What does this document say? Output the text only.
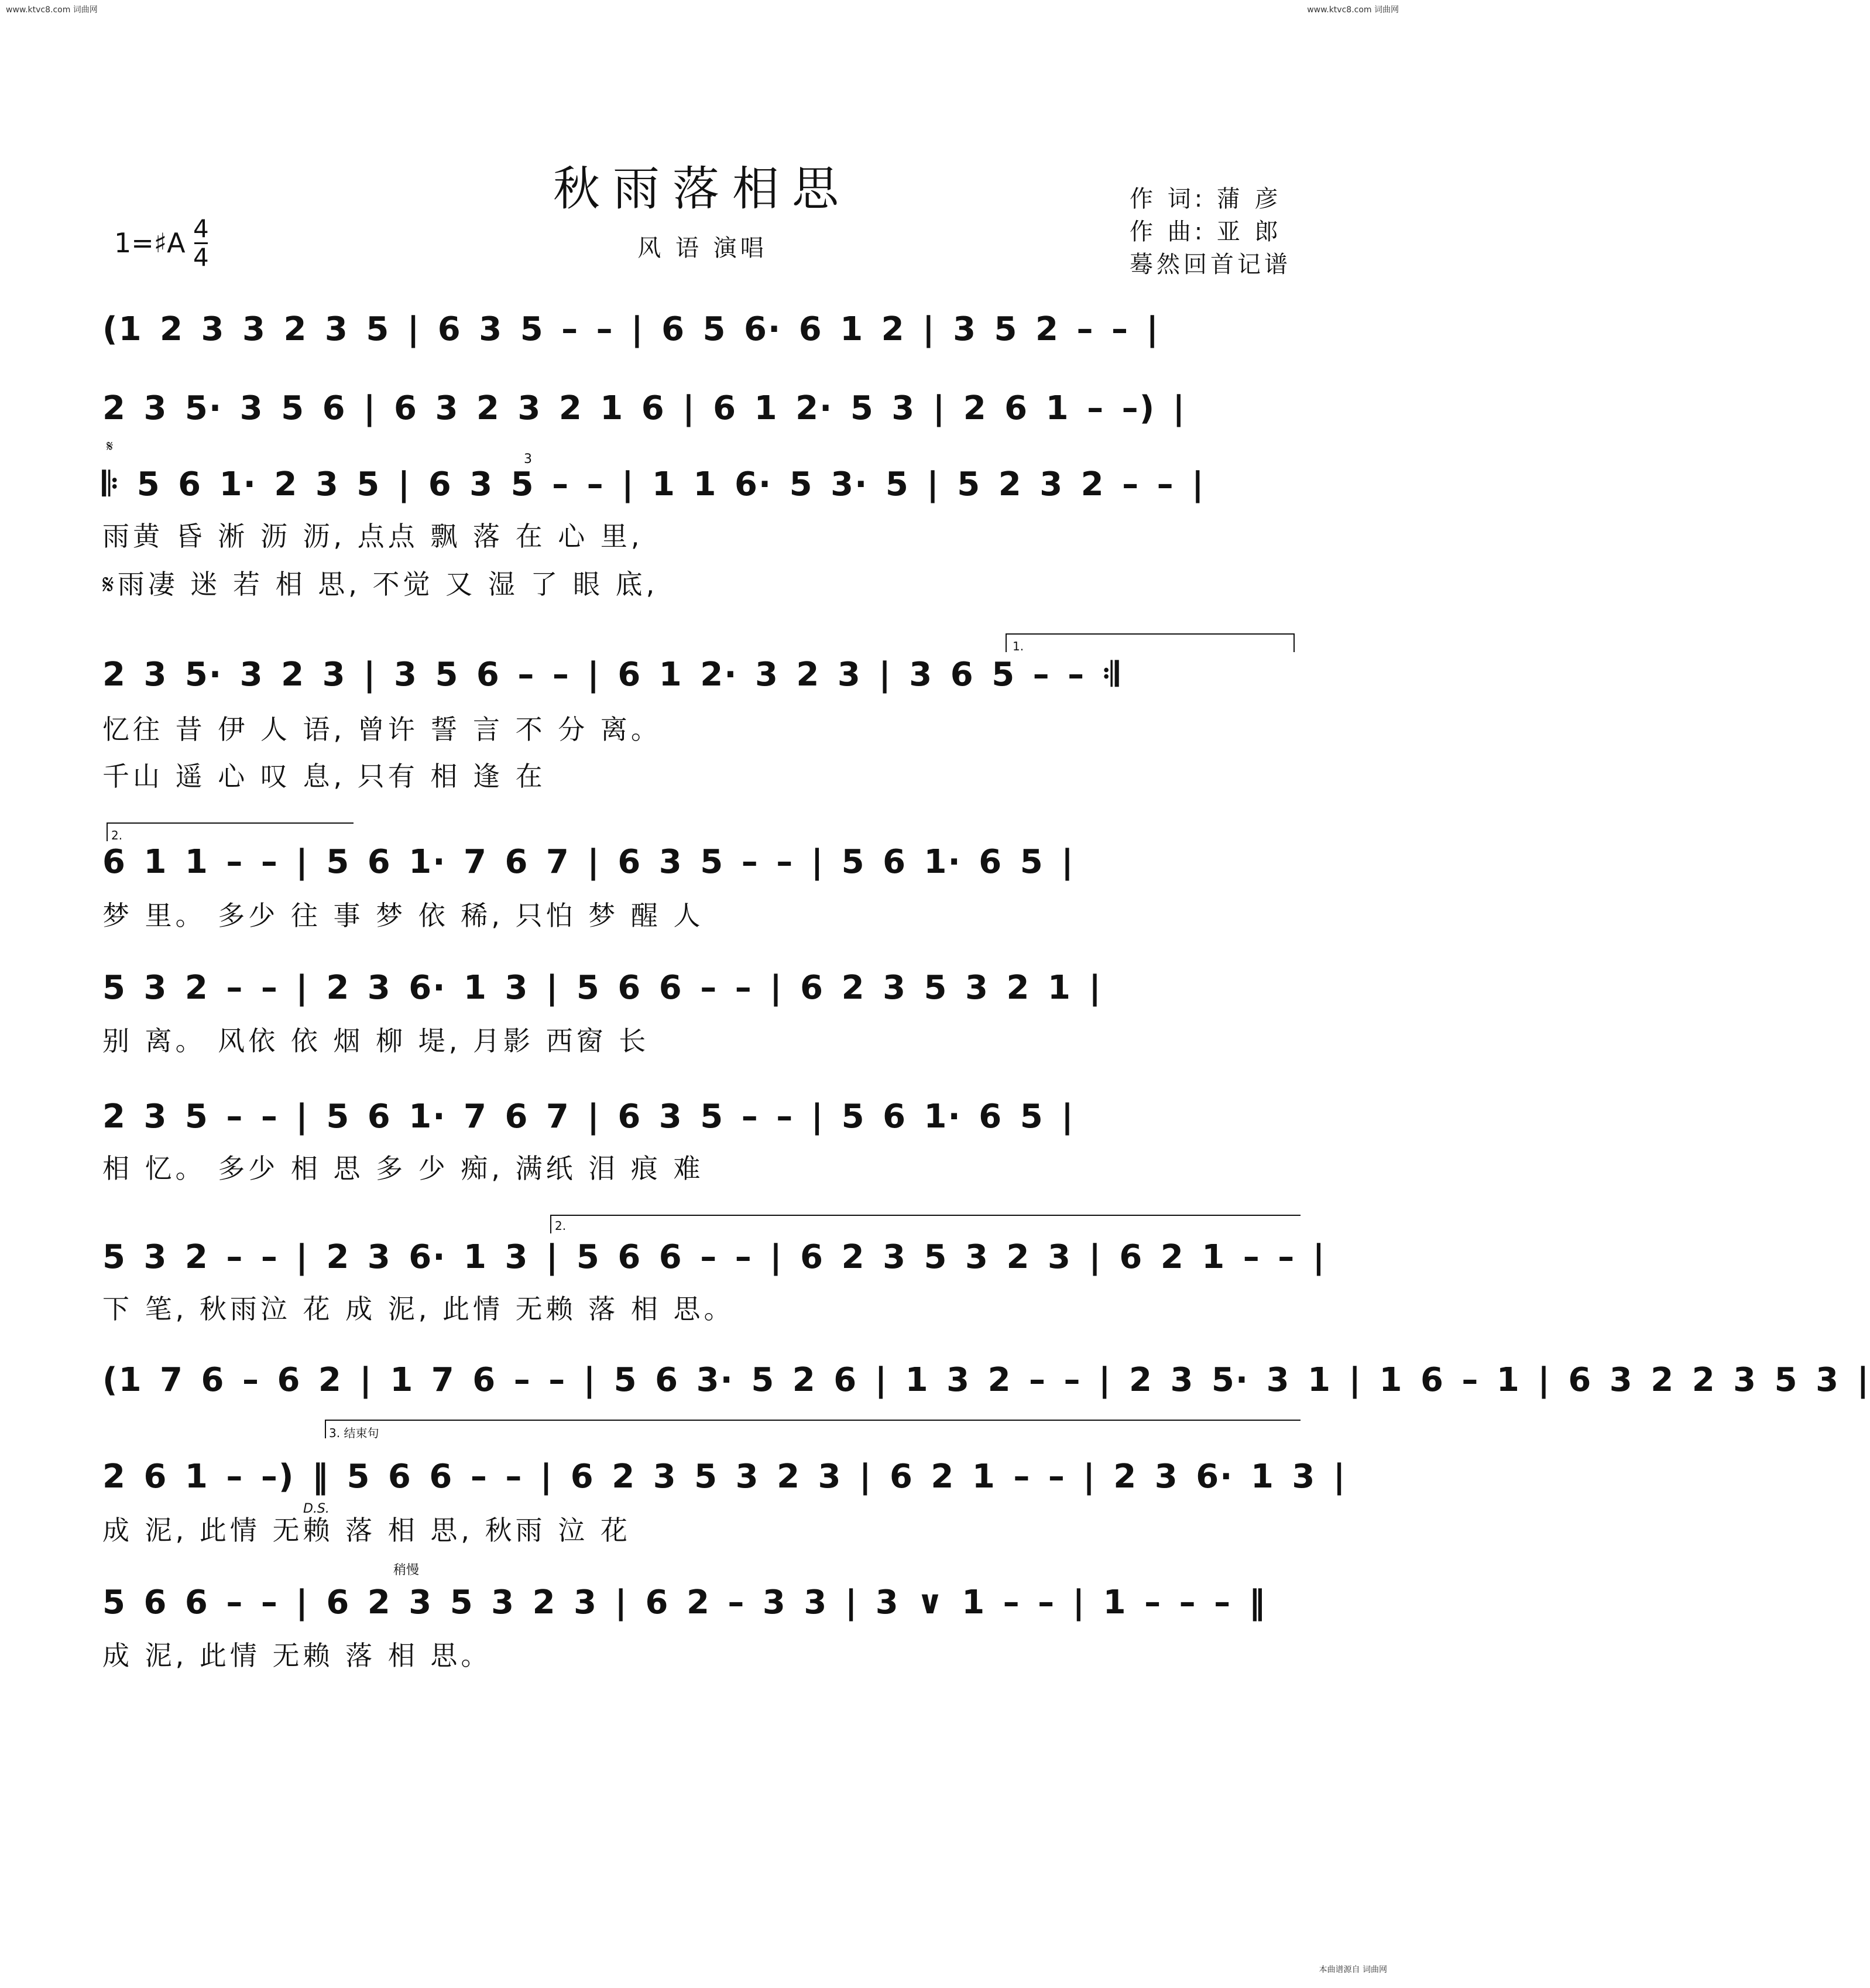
www.ktvc8.com 词曲网	www.ktvc8.com 词曲网
秋雨落相思
风 语 演唱
作 词: 蒲 彦
作 曲: 亚 郎
蓦然回首记谱
1=♯A 4
4
(1 2 3 3 2 3 5 | 6 3 5 – – | 6 5 6· 6 1 2 | 3 5 2 – – |
2 3 5· 3 5 6 | 6 3 2 3 2 1 6 | 6 1 2· 5 3 | 2 6 1 – –) |
𝄋
3
𝄆 5 6 1· 2 3 5 | 6 3 5 – – | 1 1 6· 5 3· 5 | 5 2 3 2 – – |
雨黄 昏 淅 沥 沥, 点点 飘 落 在 心 里,
𝄋雨凄 迷 若 相 思, 不觉 又 湿 了 眼 底,
1.
2 3 5· 3 2 3 | 3 5 6 – – | 6 1 2· 3 2 3 | 3 6 5 – – 𝄇
忆往 昔 伊 人 语, 曾许 誓 言 不 分 离。
千山 遥 心 叹 息, 只有 相 逢 在
2.
6 1 1 – – | 5 6 1· 7 6 7 | 6 3 5 – – | 5 6 1· 6 5 |
梦 里。 多少 往 事 梦 依 稀, 只怕 梦 醒 人
5 3 2 – – | 2 3 6· 1 3 | 5 6 6 – – | 6 2 3 5 3 2 1 |
别 离。 风依 依 烟 柳 堤, 月影 西窗 长
2 3 5 – – | 5 6 1· 7 6 7 | 6 3 5 – – | 5 6 1· 6 5 |
相 忆。 多少 相 思 多 少 痴, 满纸 泪 痕 难
2.
5 3 2 – – | 2 3 6· 1 3 | 5 6 6 – – | 6 2 3 5 3 2 3 | 6 2 1 – – |
下 笔, 秋雨泣 花 成 泥, 此情 无赖 落 相 思。
(1 7 6 – 6 2 | 1 7 6 – – | 5 6 3· 5 2 6 | 1 3 2 – – | 2 3 5· 3 1 | 1 6 – 1 | 6 3 2 2 3 5 3 |
3. 结束句
2 6 1 – –) ‖ 5 6 6 – – | 6 2 3 5 3 2 3 | 6 2 1 – – | 2 3 6· 1 3 |
D.S.
成 泥, 此情 无赖 落 相 思, 秋雨 泣 花
稍慢
5 6 6 – – | 6 2 3 5 3 2 3 | 6 2 – 3 3 | 3 ∨ 1 – – | 1 – – – ‖
成 泥, 此情 无赖 落 相 思。
本曲谱源自 词曲网
